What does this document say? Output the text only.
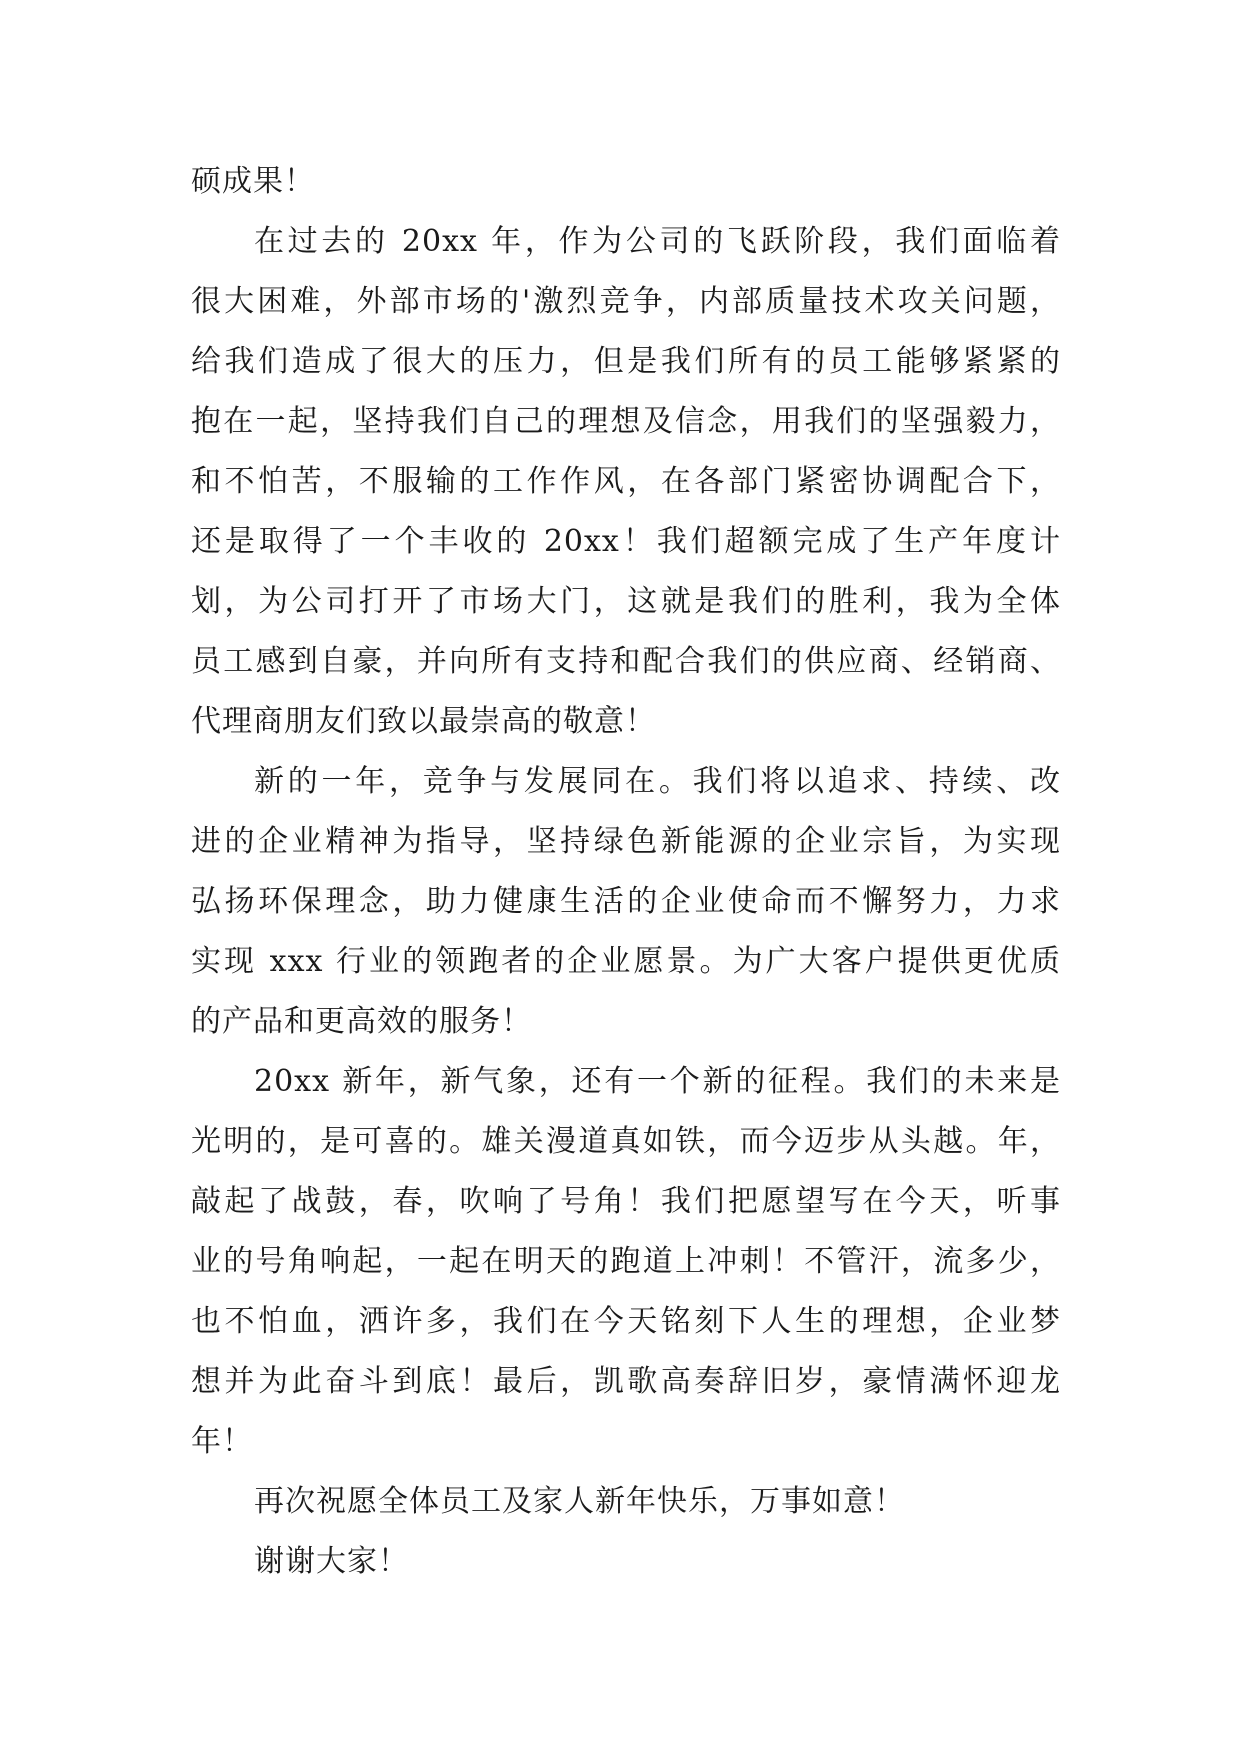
硕成果！
在过去的 20xx 年，作为公司的飞跃阶段，我们面临着
很大困难，外部市场的'激烈竞争，内部质量技术攻关问题，
给我们造成了很大的压力，但是我们所有的员工能够紧紧的
抱在一起，坚持我们自己的理想及信念，用我们的坚强毅力，
和不怕苦，不服输的工作作风，在各部门紧密协调配合下，
还是取得了一个丰收的 20xx！我们超额完成了生产年度计
划，为公司打开了市场大门，这就是我们的胜利，我为全体
员工感到自豪，并向所有支持和配合我们的供应商、经销商、
代理商朋友们致以最崇高的敬意！
新的一年，竞争与发展同在。我们将以追求、持续、改
进的企业精神为指导，坚持绿色新能源的企业宗旨，为实现
弘扬环保理念，助力健康生活的企业使命而不懈努力，力求
实现 xxx 行业的领跑者的企业愿景。为广大客户提供更优质
的产品和更高效的服务！
20xx 新年，新气象，还有一个新的征程。我们的未来是
光明的，是可喜的。雄关漫道真如铁，而今迈步从头越。年，
敲起了战鼓，春，吹响了号角！我们把愿望写在今天，听事
业的号角响起，一起在明天的跑道上冲刺！不管汗，流多少，
也不怕血，洒许多，我们在今天铭刻下人生的理想，企业梦
想并为此奋斗到底！最后，凯歌高奏辞旧岁，豪情满怀迎龙
年！
再次祝愿全体员工及家人新年快乐，万事如意！
谢谢大家！
